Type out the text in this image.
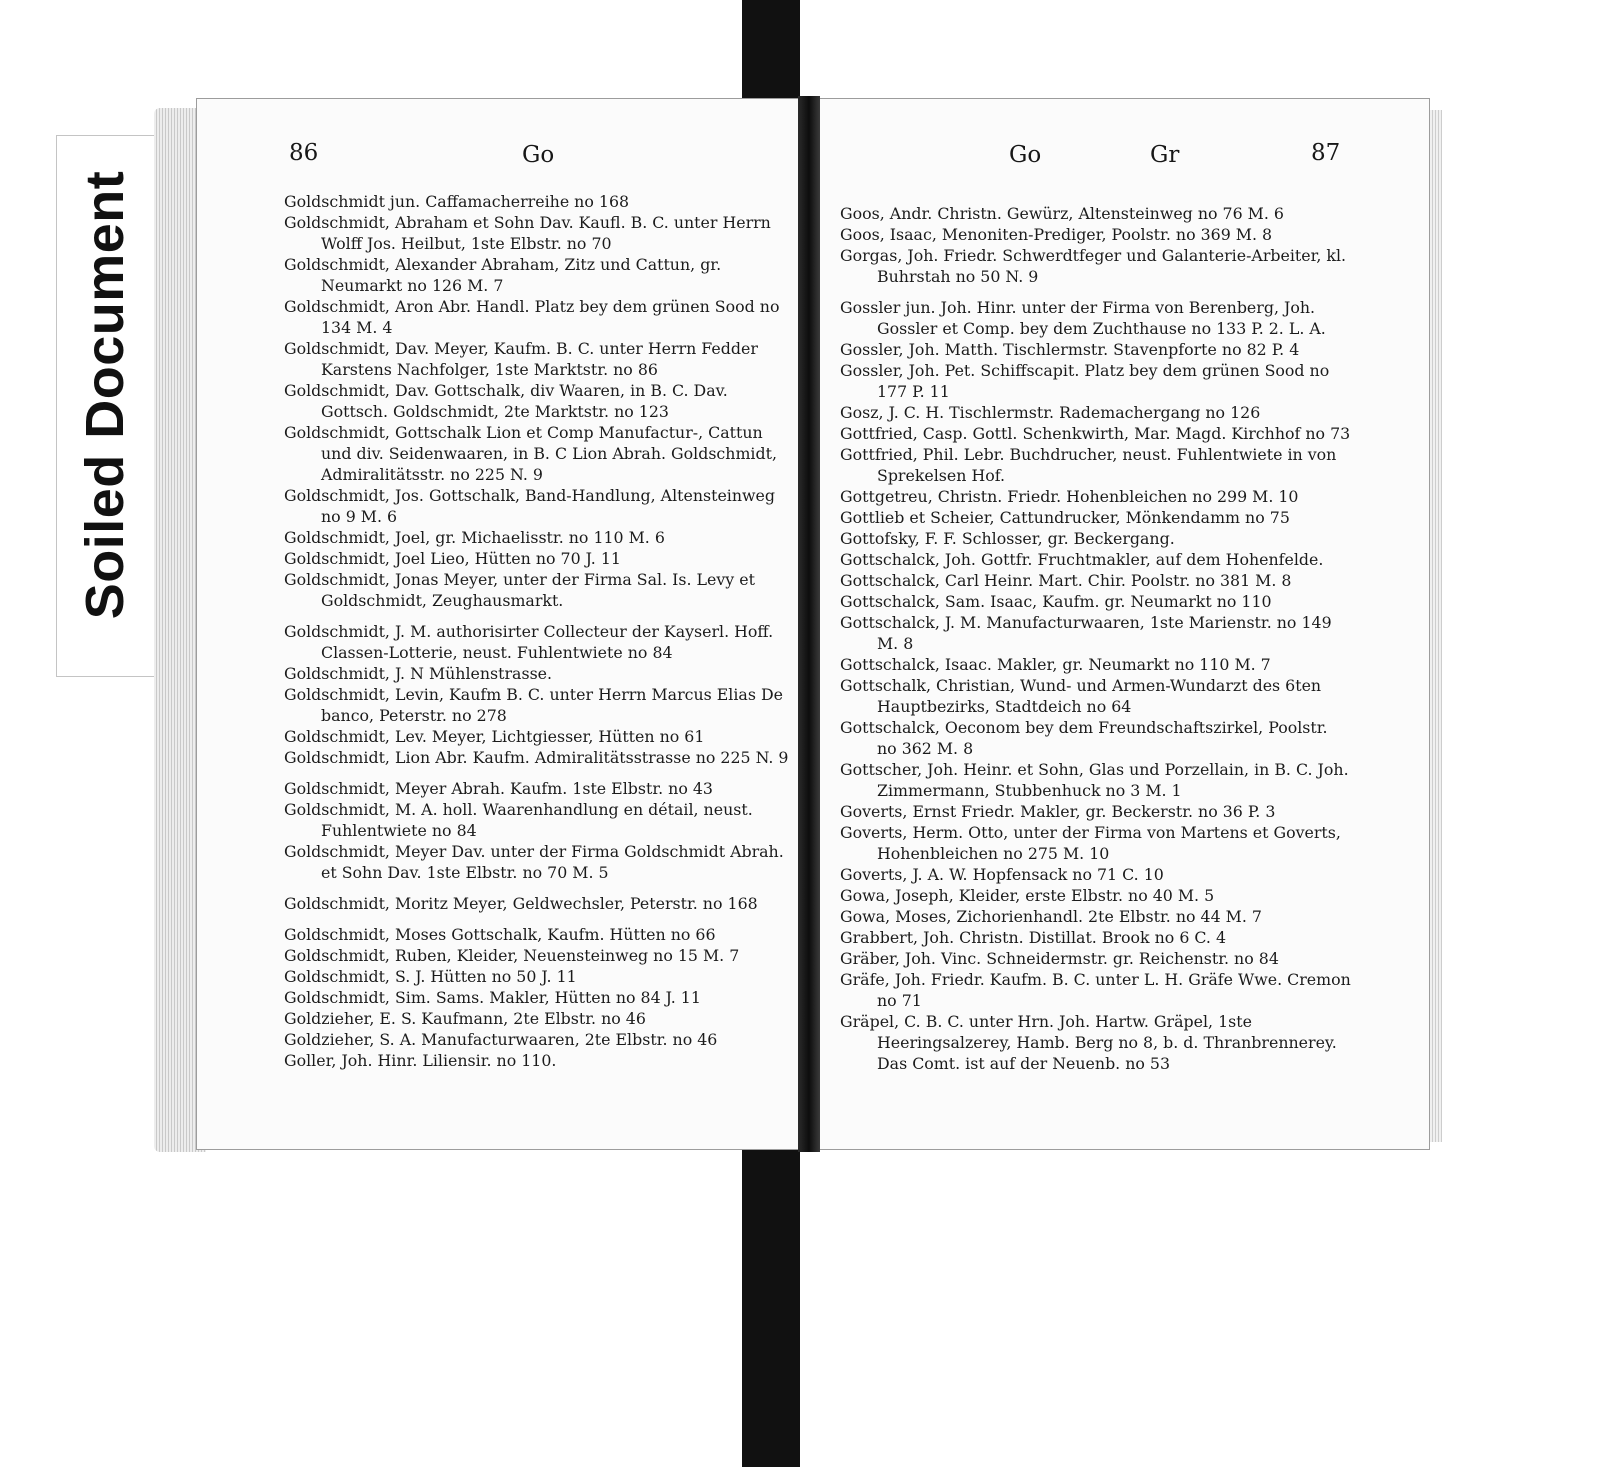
Soiled Document
86	Go	Go	Gr	87
Goldschmidt jun. Caffamacherreihe no 168
Goldschmidt, Abraham et Sohn Dav. Kaufl. B. C. unter Herrn Wolff Jos. Heilbut, 1ste Elbstr. no 70
Goldschmidt, Alexander Abraham, Zitz und Cattun, gr. Neumarkt no 126 M. 7
Goldschmidt, Aron Abr. Handl. Platz bey dem grünen Sood no 134 M. 4
Goldschmidt, Dav. Meyer, Kaufm. B. C. unter Herrn Fedder Karstens Nachfolger, 1ste Marktstr. no 86
Goldschmidt, Dav. Gottschalk, div Waaren, in B. C. Dav. Gottsch. Goldschmidt, 2te Marktstr. no 123
Goldschmidt, Gottschalk Lion et Comp Manufactur-, Cattun und div. Seidenwaaren, in B. C Lion Abrah. Goldschmidt, Admiralitätsstr. no 225 N. 9
Goldschmidt, Jos. Gottschalk, Band-Handlung, Altensteinweg no 9 M. 6
Goldschmidt, Joel, gr. Michaelisstr. no 110 M. 6
Goldschmidt, Joel Lieo, Hütten no 70 J. 11
Goldschmidt, Jonas Meyer, unter der Firma Sal. Is. Levy et Goldschmidt, Zeughausmarkt.
Goldschmidt, J. M. authorisirter Collecteur der Kayserl. Hoff. Classen-Lotterie, neust. Fuhlentwiete no 84
Goldschmidt, J. N Mühlenstrasse.
Goldschmidt, Levin, Kaufm B. C. unter Herrn Marcus Elias De banco, Peterstr. no 278
Goldschmidt, Lev. Meyer, Lichtgiesser, Hütten no 61
Goldschmidt, Lion Abr. Kaufm. Admiralitätsstrasse no 225 N. 9
Goldschmidt, Meyer Abrah. Kaufm. 1ste Elbstr. no 43
Goldschmidt, M. A. holl. Waarenhandlung en détail, neust. Fuhlentwiete no 84
Goldschmidt, Meyer Dav. unter der Firma Goldschmidt Abrah. et Sohn Dav. 1ste Elbstr. no 70 M. 5
Goldschmidt, Moritz Meyer, Geldwechsler, Peterstr. no 168
Goldschmidt, Moses Gottschalk, Kaufm. Hütten no 66
Goldschmidt, Ruben, Kleider, Neuensteinweg no 15 M. 7
Goldschmidt, S. J. Hütten no 50 J. 11
Goldschmidt, Sim. Sams. Makler, Hütten no 84 J. 11
Goldzieher, E. S. Kaufmann, 2te Elbstr. no 46
Goldzieher, S. A. Manufacturwaaren, 2te Elbstr. no 46
Goller, Joh. Hinr. Liliensir. no 110.
Goos, Andr. Christn. Gewürz, Altensteinweg no 76 M. 6
Goos, Isaac, Menoniten-Prediger, Poolstr. no 369 M. 8
Gorgas, Joh. Friedr. Schwerdtfeger und Galanterie-Arbeiter, kl. Buhrstah no 50 N. 9
Gossler jun. Joh. Hinr. unter der Firma von Berenberg, Joh. Gossler et Comp. bey dem Zuchthause no 133 P. 2. L. A.
Gossler, Joh. Matth. Tischlermstr. Stavenpforte no 82 P. 4
Gossler, Joh. Pet. Schiffscapit. Platz bey dem grünen Sood no 177 P. 11
Gosz, J. C. H. Tischlermstr. Rademachergang no 126
Gottfried, Casp. Gottl. Schenkwirth, Mar. Magd. Kirchhof no 73
Gottfried, Phil. Lebr. Buchdrucher, neust. Fuhlentwiete in von Sprekelsen Hof.
Gottgetreu, Christn. Friedr. Hohenbleichen no 299 M. 10
Gottlieb et Scheier, Cattundrucker, Mönkendamm no 75
Gottofsky, F. F. Schlosser, gr. Beckergang.
Gottschalck, Joh. Gottfr. Fruchtmakler, auf dem Hohenfelde.
Gottschalck, Carl Heinr. Mart. Chir. Poolstr. no 381 M. 8
Gottschalck, Sam. Isaac, Kaufm. gr. Neumarkt no 110
Gottschalck, J. M. Manufacturwaaren, 1ste Marienstr. no 149 M. 8
Gottschalck, Isaac. Makler, gr. Neumarkt no 110 M. 7
Gottschalk, Christian, Wund- und Armen-Wundarzt des 6ten Hauptbezirks, Stadtdeich no 64
Gottschalck, Oeconom bey dem Freundschaftszirkel, Poolstr. no 362 M. 8
Gottscher, Joh. Heinr. et Sohn, Glas und Porzellain, in B. C. Joh. Zimmermann, Stubbenhuck no 3 M. 1
Goverts, Ernst Friedr. Makler, gr. Beckerstr. no 36 P. 3
Goverts, Herm. Otto, unter der Firma von Martens et Goverts, Hohenbleichen no 275 M. 10
Goverts, J. A. W. Hopfensack no 71 C. 10
Gowa, Joseph, Kleider, erste Elbstr. no 40 M. 5
Gowa, Moses, Zichorienhandl. 2te Elbstr. no 44 M. 7
Grabbert, Joh. Christn. Distillat. Brook no 6 C. 4
Gräber, Joh. Vinc. Schneidermstr. gr. Reichenstr. no 84
Gräfe, Joh. Friedr. Kaufm. B. C. unter L. H. Gräfe Wwe. Cremon no 71
Gräpel, C. B. C. unter Hrn. Joh. Hartw. Gräpel, 1ste Heeringsalzerey, Hamb. Berg no 8, b. d. Thranbrennerey. Das Comt. ist auf der Neuenb. no 53
